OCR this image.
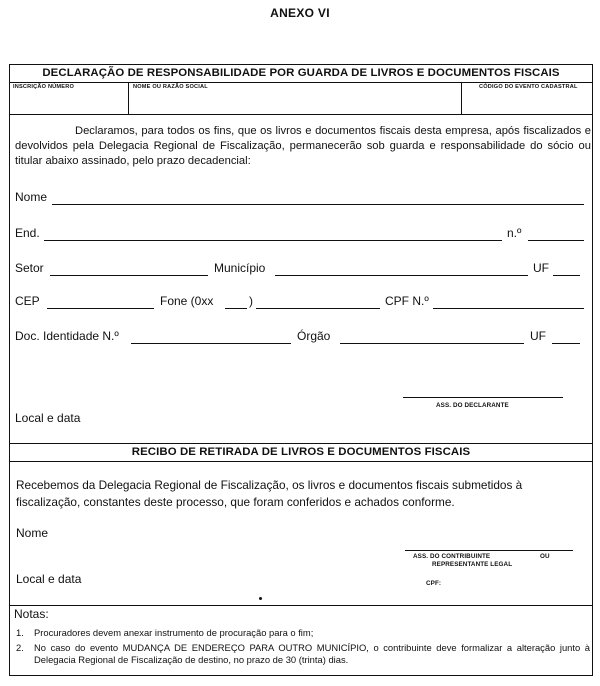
ANEXO VI
DECLARAÇÃO DE RESPONSABILIDADE POR GUARDA DE LIVROS E DOCUMENTOS FISCAIS
INSCRIÇÃO NÚMERO	NOME OU RAZÃO SOCIAL	CÓDIGO DO EVENTO CADASTRAL
Declaramos, para todos os fins, que os livros e documentos fiscais desta empresa, após fiscalizados e devolvidos pela Delegacia Regional de Fiscalização, permanecerão sob guarda e responsabilidade do sócio ou titular abaixo assinado, pelo prazo decadencial:
Nome
End.	n.º
Setor	Município	UF
CEP	Fone (0xx	)	CPF N.º
Doc. Identidade N.º	Órgão	UF
ASS. DO DECLARANTE
Local e data
RECIBO DE RETIRADA DE LIVROS E DOCUMENTOS FISCAIS
Recebemos da Delegacia Regional de Fiscalização, os livros e documentos fiscais submetidos à fiscalização, constantes deste processo, que foram conferidos e achados conforme.
Nome
ASS. DO CONTRIBUINTE	OU
REPRESENTANTE LEGAL
Local e data	CPF:
Notas:
1. Procuradores devem anexar instrumento de procuração para o fim;
2. No caso do evento MUDANÇA DE ENDEREÇO PARA OUTRO MUNICÍPIO, o contribuinte deve formalizar a alteração junto à Delegacia Regional de Fiscalização de destino, no prazo de 30 (trinta) dias.
